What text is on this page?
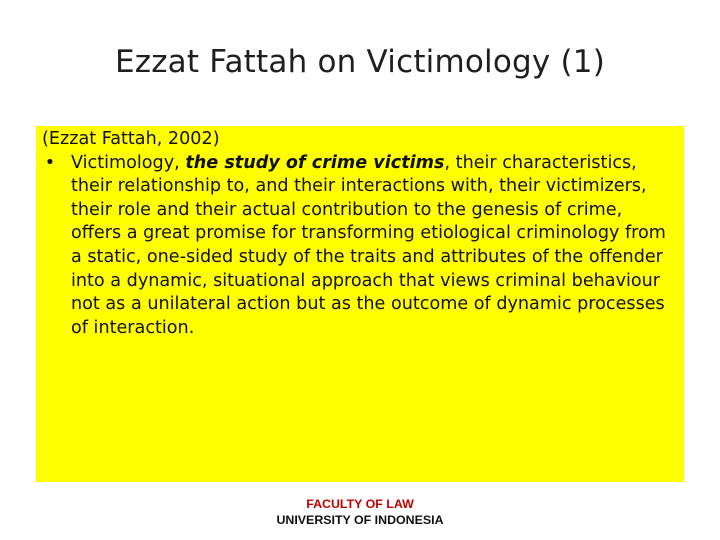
Ezzat Fattah on Victimology (1)

(Ezzat Fattah, 2002)

• Victimology, the study of crime victims, their characteristics, their relationship to, and their interactions with, their victimizers, their role and their actual contribution to the genesis of crime, offers a great promise for transforming etiological criminology from a static, one-sided study of the traits and attributes of the offender into a dynamic, situational approach that views criminal behaviour not as a unilateral action but as the outcome of dynamic processes of interaction.

FACULTY OF LAW
UNIVERSITY OF INDONESIA
